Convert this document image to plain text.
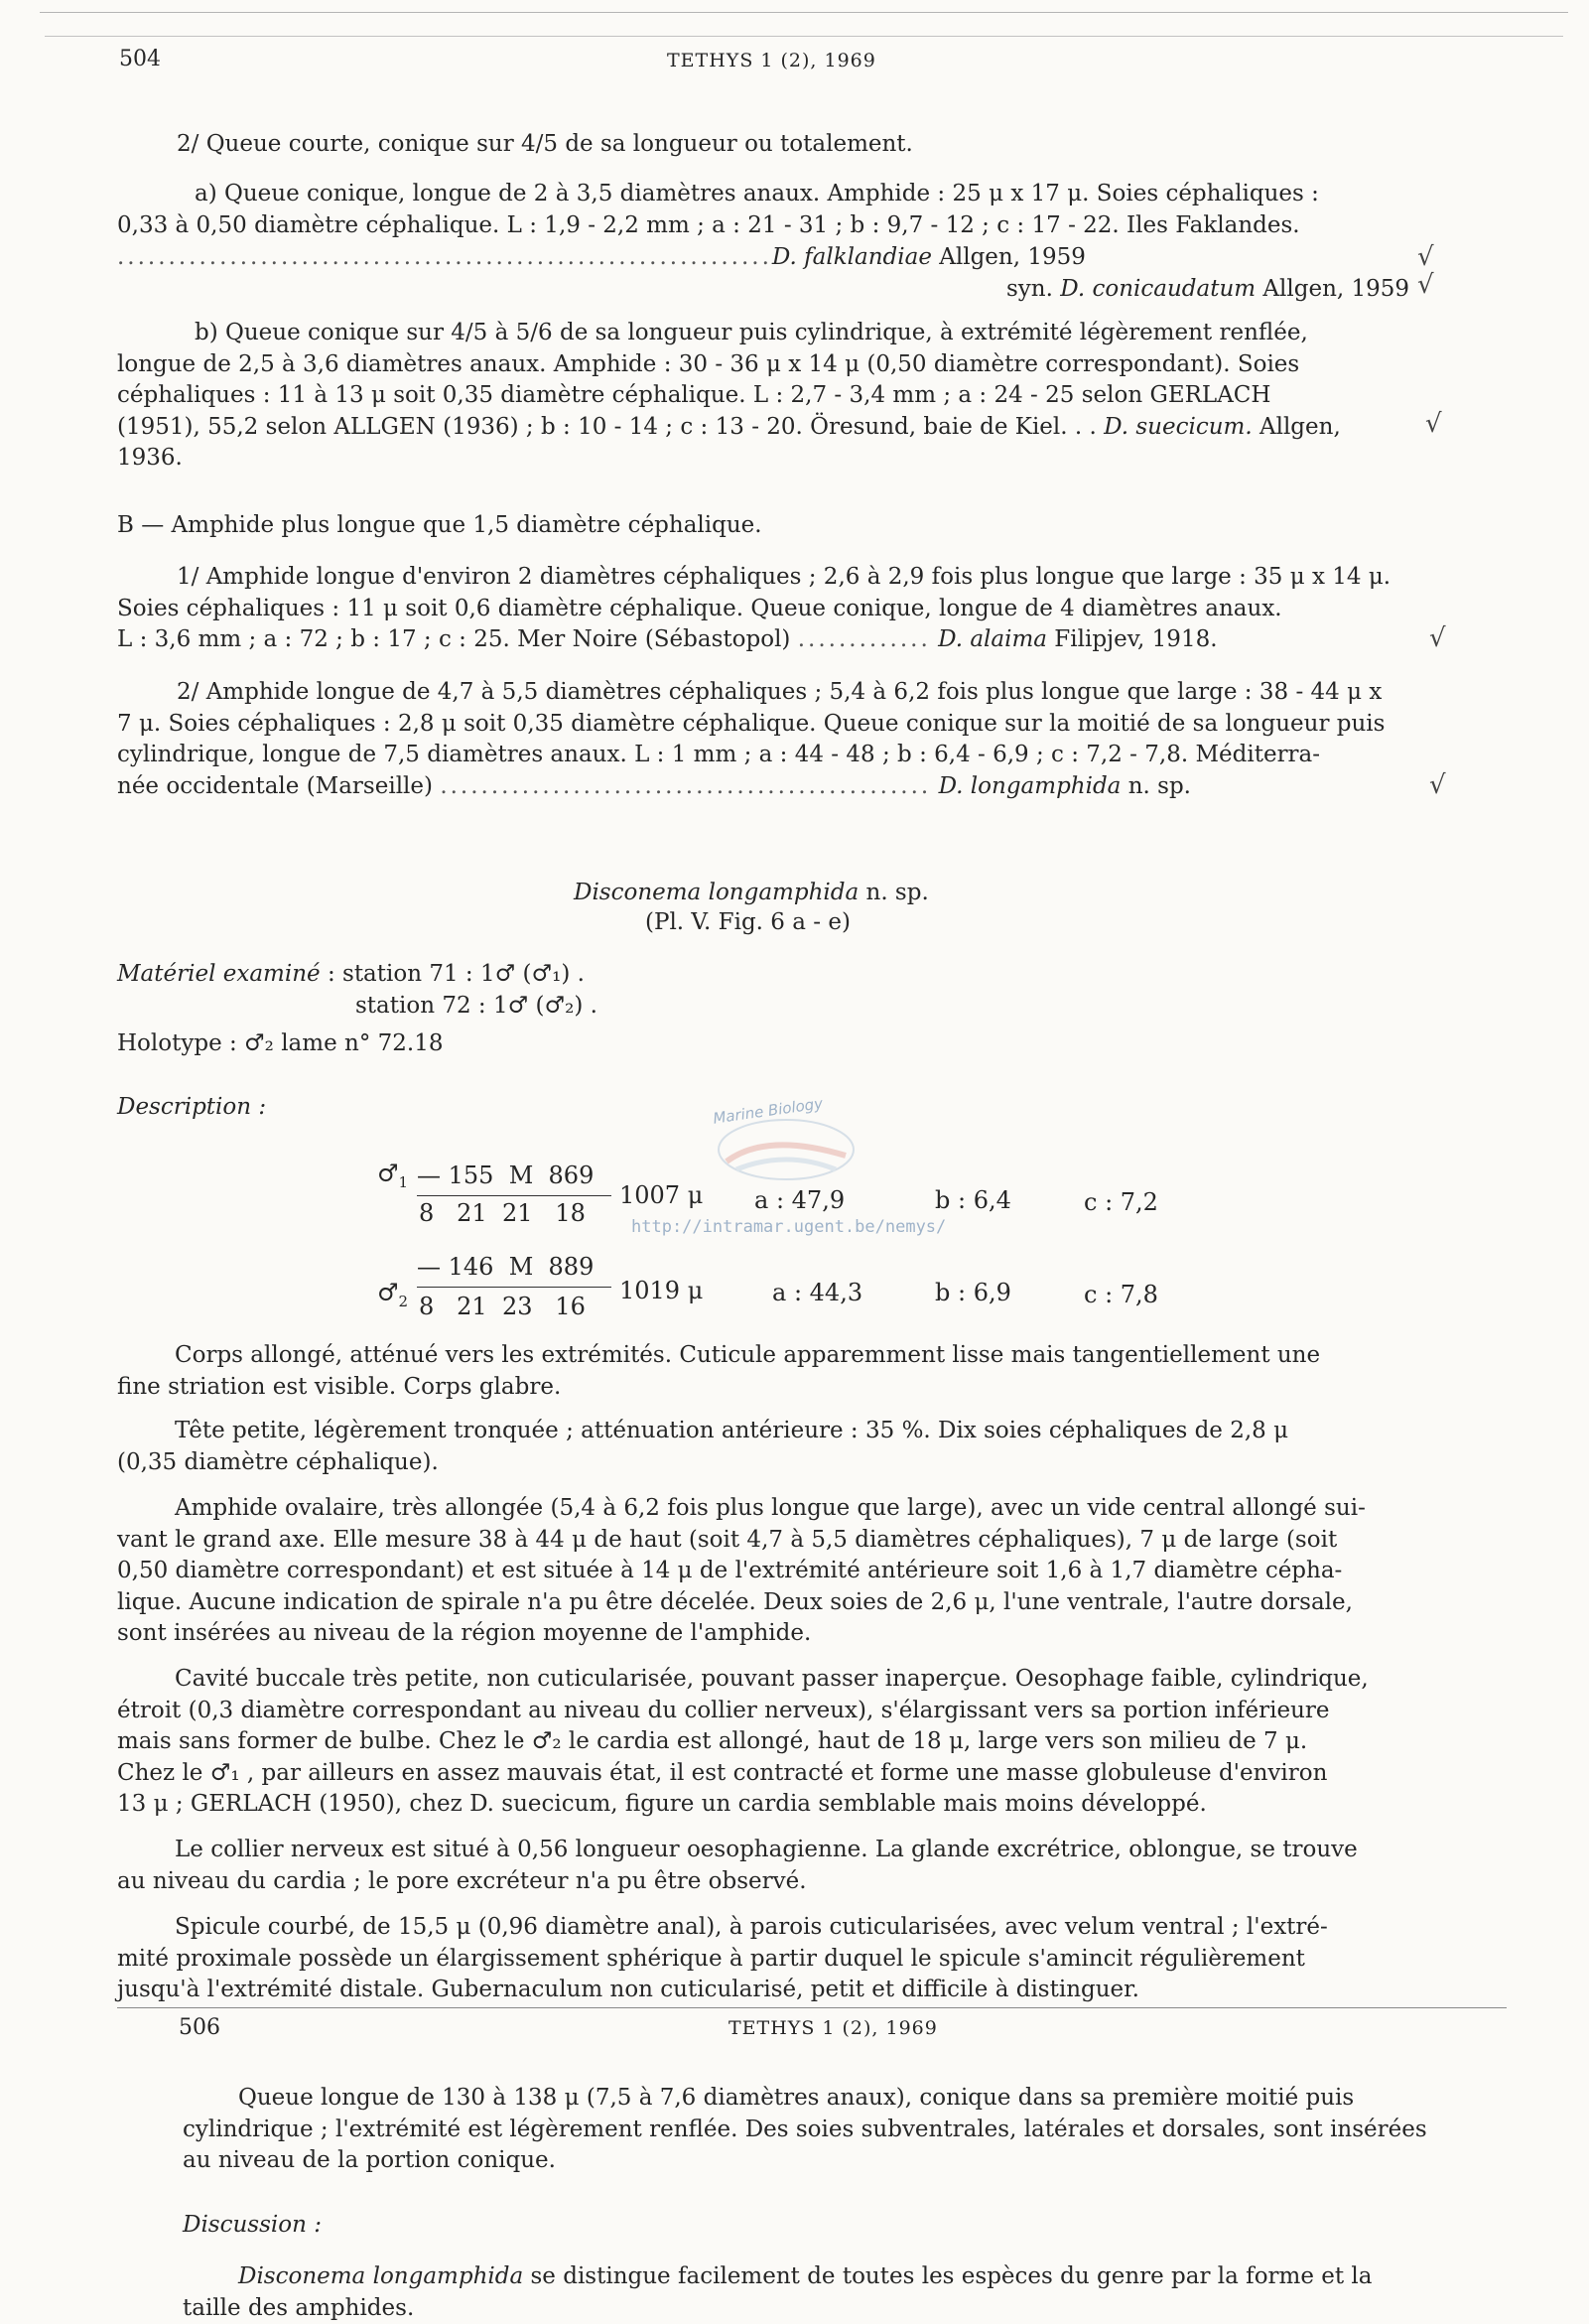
504	TETHYS 1 (2), 1969
2/ Queue courte, conique sur 4/5 de sa longueur ou totalement.
a) Queue conique, longue de 2 à 3,5 diamètres anaux. Amphide : 25 μ x 17 μ. Soies céphaliques :
0,33 à 0,50 diamètre céphalique. L : 1,9 - 2,2 mm ; a : 21 - 31 ; b : 9,7 - 12 ; c : 17 - 22. Iles Faklandes.
................................................................D. falklandiae Allgen, 1959	√
syn. D. conicaudatum Allgen, 1959 √
b) Queue conique sur 4/5 à 5/6 de sa longueur puis cylindrique, à extrémité légèrement renflée,
longue de 2,5 à 3,6 diamètres anaux. Amphide : 30 - 36 μ x 14 μ (0,50 diamètre correspondant). Soies
céphaliques : 11 à 13 μ soit 0,35 diamètre céphalique. L : 2,7 - 3,4 mm ; a : 24 - 25 selon GERLACH
(1951), 55,2 selon ALLGEN (1936) ; b : 10 - 14 ; c : 13 - 20. Öresund, baie de Kiel. . . D. suecicum. Allgen,
1936.
√
B — Amphide plus longue que 1,5 diamètre céphalique.
1/ Amphide longue d'environ 2 diamètres céphaliques ; 2,6 à 2,9 fois plus longue que large : 35 μ x 14 μ.
Soies céphaliques : 11 μ soit 0,6 diamètre céphalique. Queue conique, longue de 4 diamètres anaux.
L : 3,6 mm ; a : 72 ; b : 17 ; c : 25. Mer Noire (Sébastopol) ............. D. alaima Filipjev, 1918.	√
2/ Amphide longue de 4,7 à 5,5 diamètres céphaliques ; 5,4 à 6,2 fois plus longue que large : 38 - 44 μ x
7 μ. Soies céphaliques : 2,8 μ soit 0,35 diamètre céphalique. Queue conique sur la moitié de sa longueur puis
cylindrique, longue de 7,5 diamètres anaux. L : 1 mm ; a : 44 - 48 ; b : 6,4 - 6,9 ; c : 7,2 - 7,8. Méditerra-
née occidentale (Marseille) ................................................ D. longamphida n. sp.	√
Disconema longamphida n. sp.
(Pl. V. Fig. 6 a - e)
Matériel examiné : station 71 : 1♂ (♂₁) .
station 72 : 1♂ (♂₂) .
Holotype : ♂₂ lame n° 72.18
Description :	Marine Biology
http://intramar.ugent.be/nemys/
$♂_1$ — 155  M  869
8   21  21   18
1007 μ a : 47,9	b : 6,4	c : 7,2
$♂_2$
— 146  M  889
8   21  23   16
1019 μ	a : 44,3	b : 6,9	c : 7,8
Corps allongé, atténué vers les extrémités. Cuticule apparemment lisse mais tangentiellement une
fine striation est visible. Corps glabre.
Tête petite, légèrement tronquée ; atténuation antérieure : 35 %. Dix soies céphaliques de 2,8 μ
(0,35 diamètre céphalique).
Amphide ovalaire, très allongée (5,4 à 6,2 fois plus longue que large), avec un vide central allongé sui-
vant le grand axe. Elle mesure 38 à 44 μ de haut (soit 4,7 à 5,5 diamètres céphaliques), 7 μ de large (soit
0,50 diamètre correspondant) et est située à 14 μ de l'extrémité antérieure soit 1,6 à 1,7 diamètre cépha-
lique. Aucune indication de spirale n'a pu être décelée. Deux soies de 2,6 μ, l'une ventrale, l'autre dorsale,
sont insérées au niveau de la région moyenne de l'amphide.
Cavité buccale très petite, non cuticularisée, pouvant passer inaperçue. Oesophage faible, cylindrique,
étroit (0,3 diamètre correspondant au niveau du collier nerveux), s'élargissant vers sa portion inférieure
mais sans former de bulbe. Chez le ♂₂ le cardia est allongé, haut de 18 μ, large vers son milieu de 7 μ.
Chez le ♂₁ , par ailleurs en assez mauvais état, il est contracté et forme une masse globuleuse d'environ
13 μ ; GERLACH (1950), chez D. suecicum, figure un cardia semblable mais moins développé.
Le collier nerveux est situé à 0,56 longueur oesophagienne. La glande excrétrice, oblongue, se trouve
au niveau du cardia ; le pore excréteur n'a pu être observé.
Spicule courbé, de 15,5 μ (0,96 diamètre anal), à parois cuticularisées, avec velum ventral ; l'extré-
mité proximale possède un élargissement sphérique à partir duquel le spicule s'amincit régulièrement
jusqu'à l'extrémité distale. Gubernaculum non cuticularisé, petit et difficile à distinguer.
506	TETHYS 1 (2), 1969
Queue longue de 130 à 138 μ (7,5 à 7,6 diamètres anaux), conique dans sa première moitié puis
cylindrique ; l'extrémité est légèrement renflée. Des soies subventrales, latérales et dorsales, sont insérées
au niveau de la portion conique.
Discussion :
Disconema longamphida se distingue facilement de toutes les espèces du genre par la forme et la
taille des amphides.
